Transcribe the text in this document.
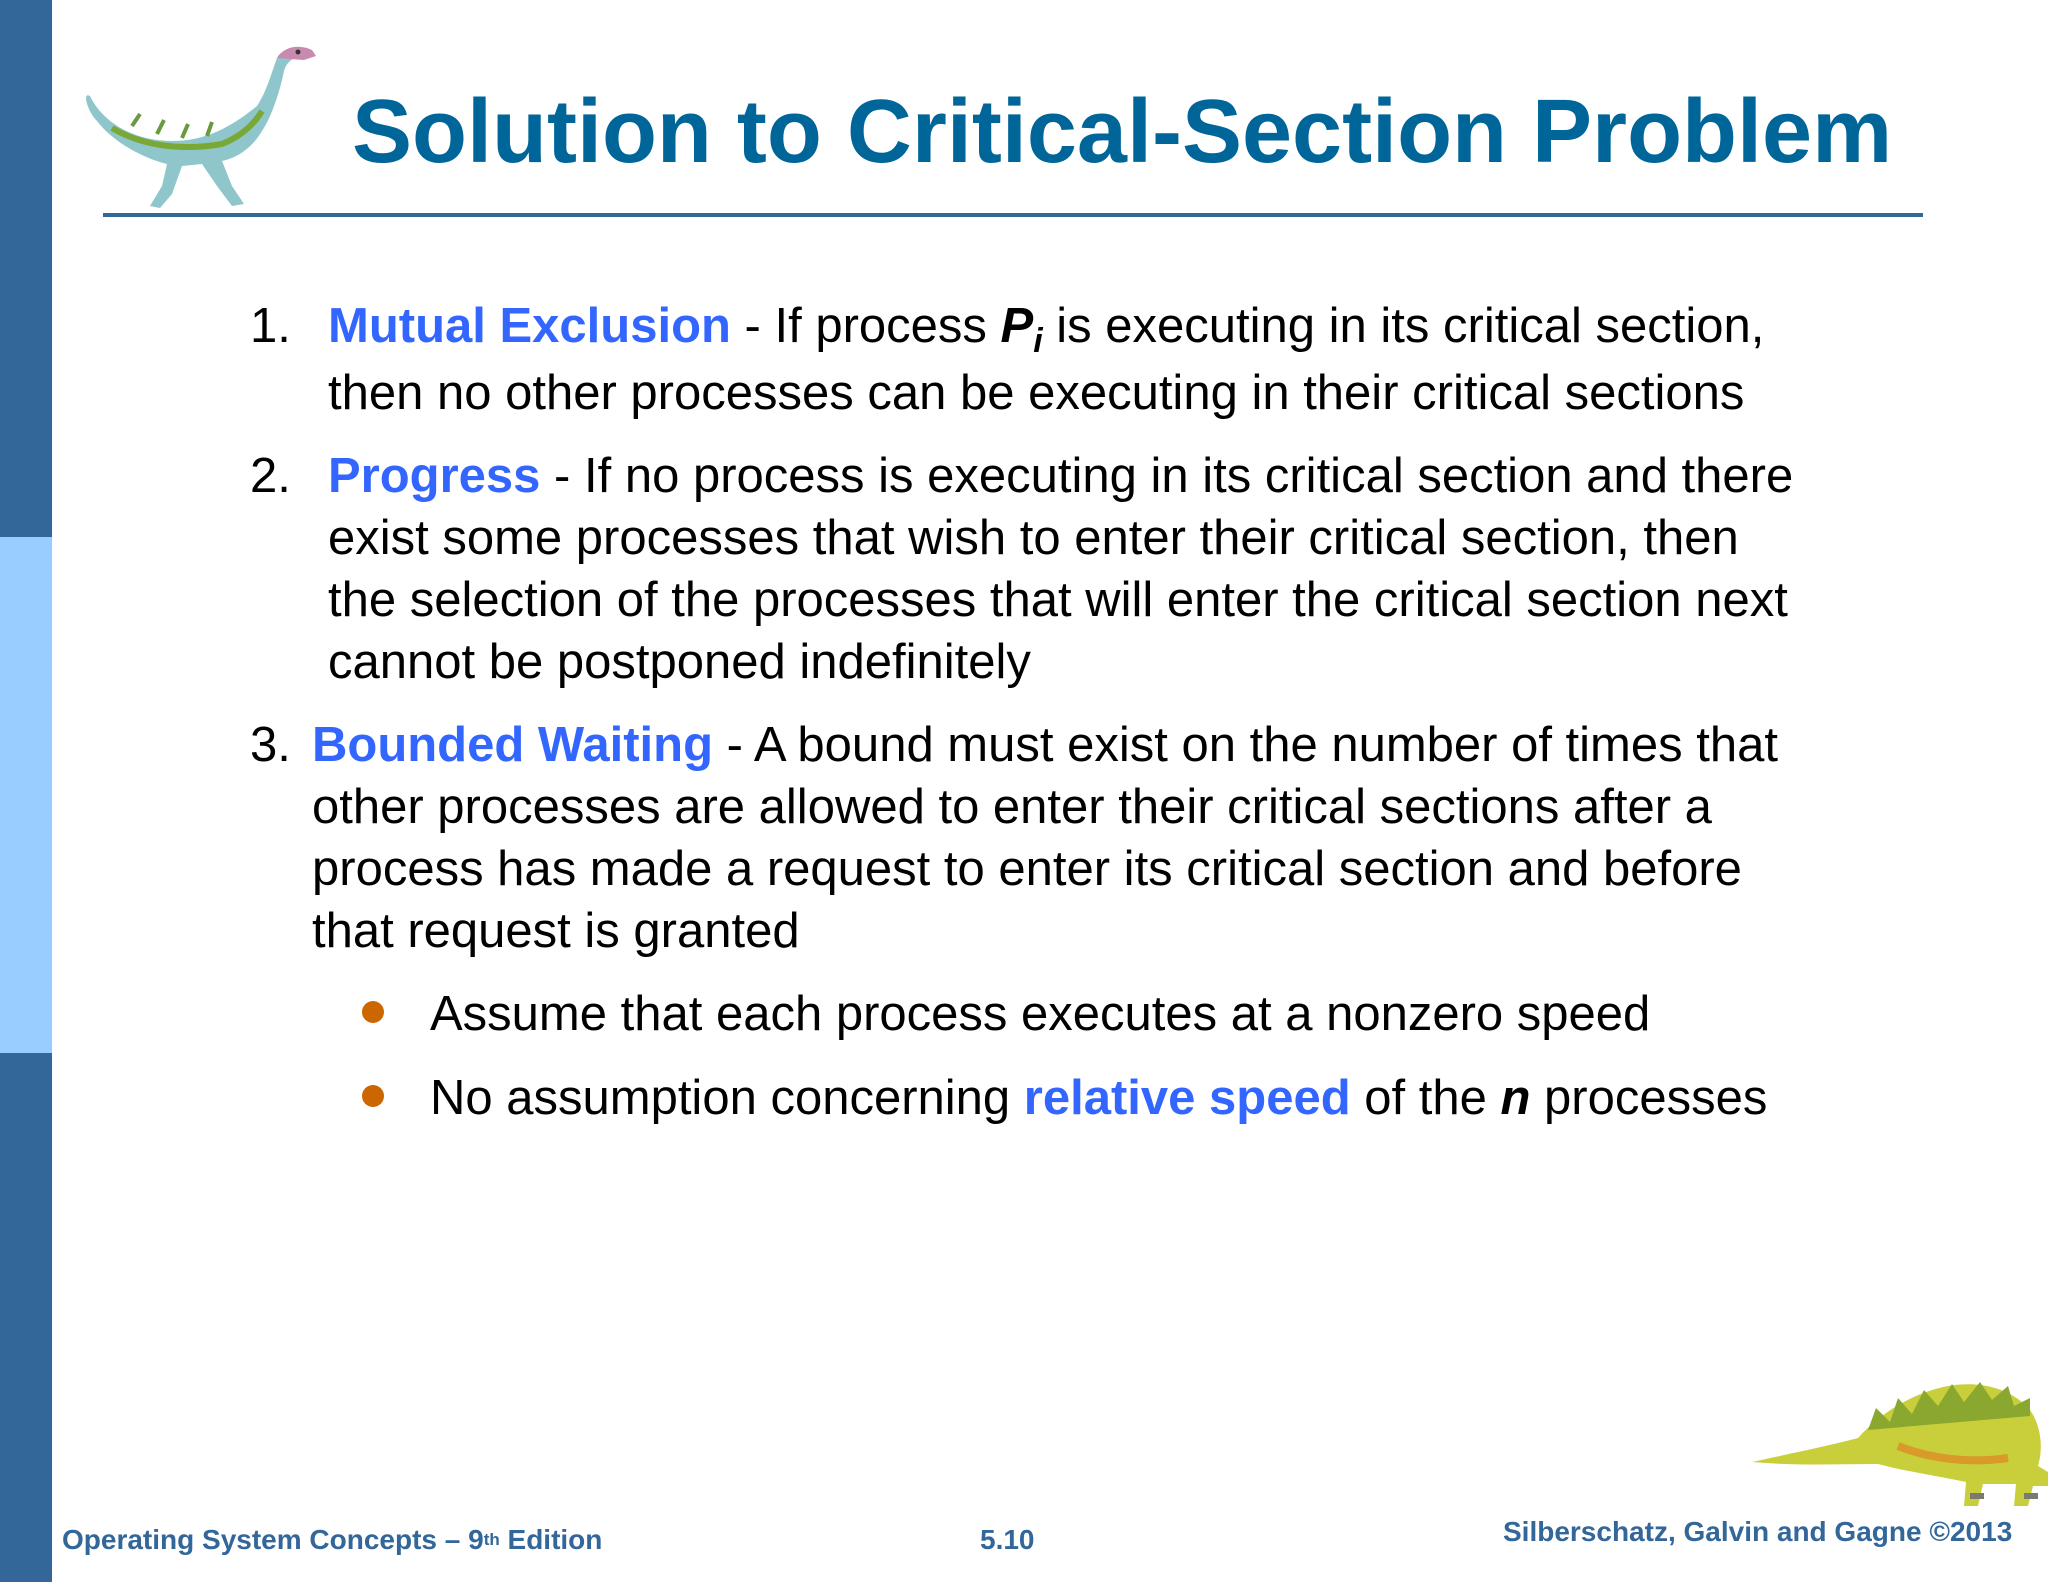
Solution to Critical-Section Problem
1. Mutual Exclusion - If process $P_i$ is executing in its critical section, then no other processes can be executing in their critical sections
2. Progress - If no process is executing in its critical section and there exist some processes that wish to enter their critical section, then the selection of the processes that will enter the critical section next cannot be postponed indefinitely
3. Bounded Waiting - A bound must exist on the number of times that other processes are allowed to enter their critical sections after a process has made a request to enter its critical section and before that request is granted
Assume that each process executes at a nonzero speed
No assumption concerning relative speed of the n processes
Operating System Concepts – 9th Edition	5.10	Silberschatz, Galvin and Gagne ©2013
